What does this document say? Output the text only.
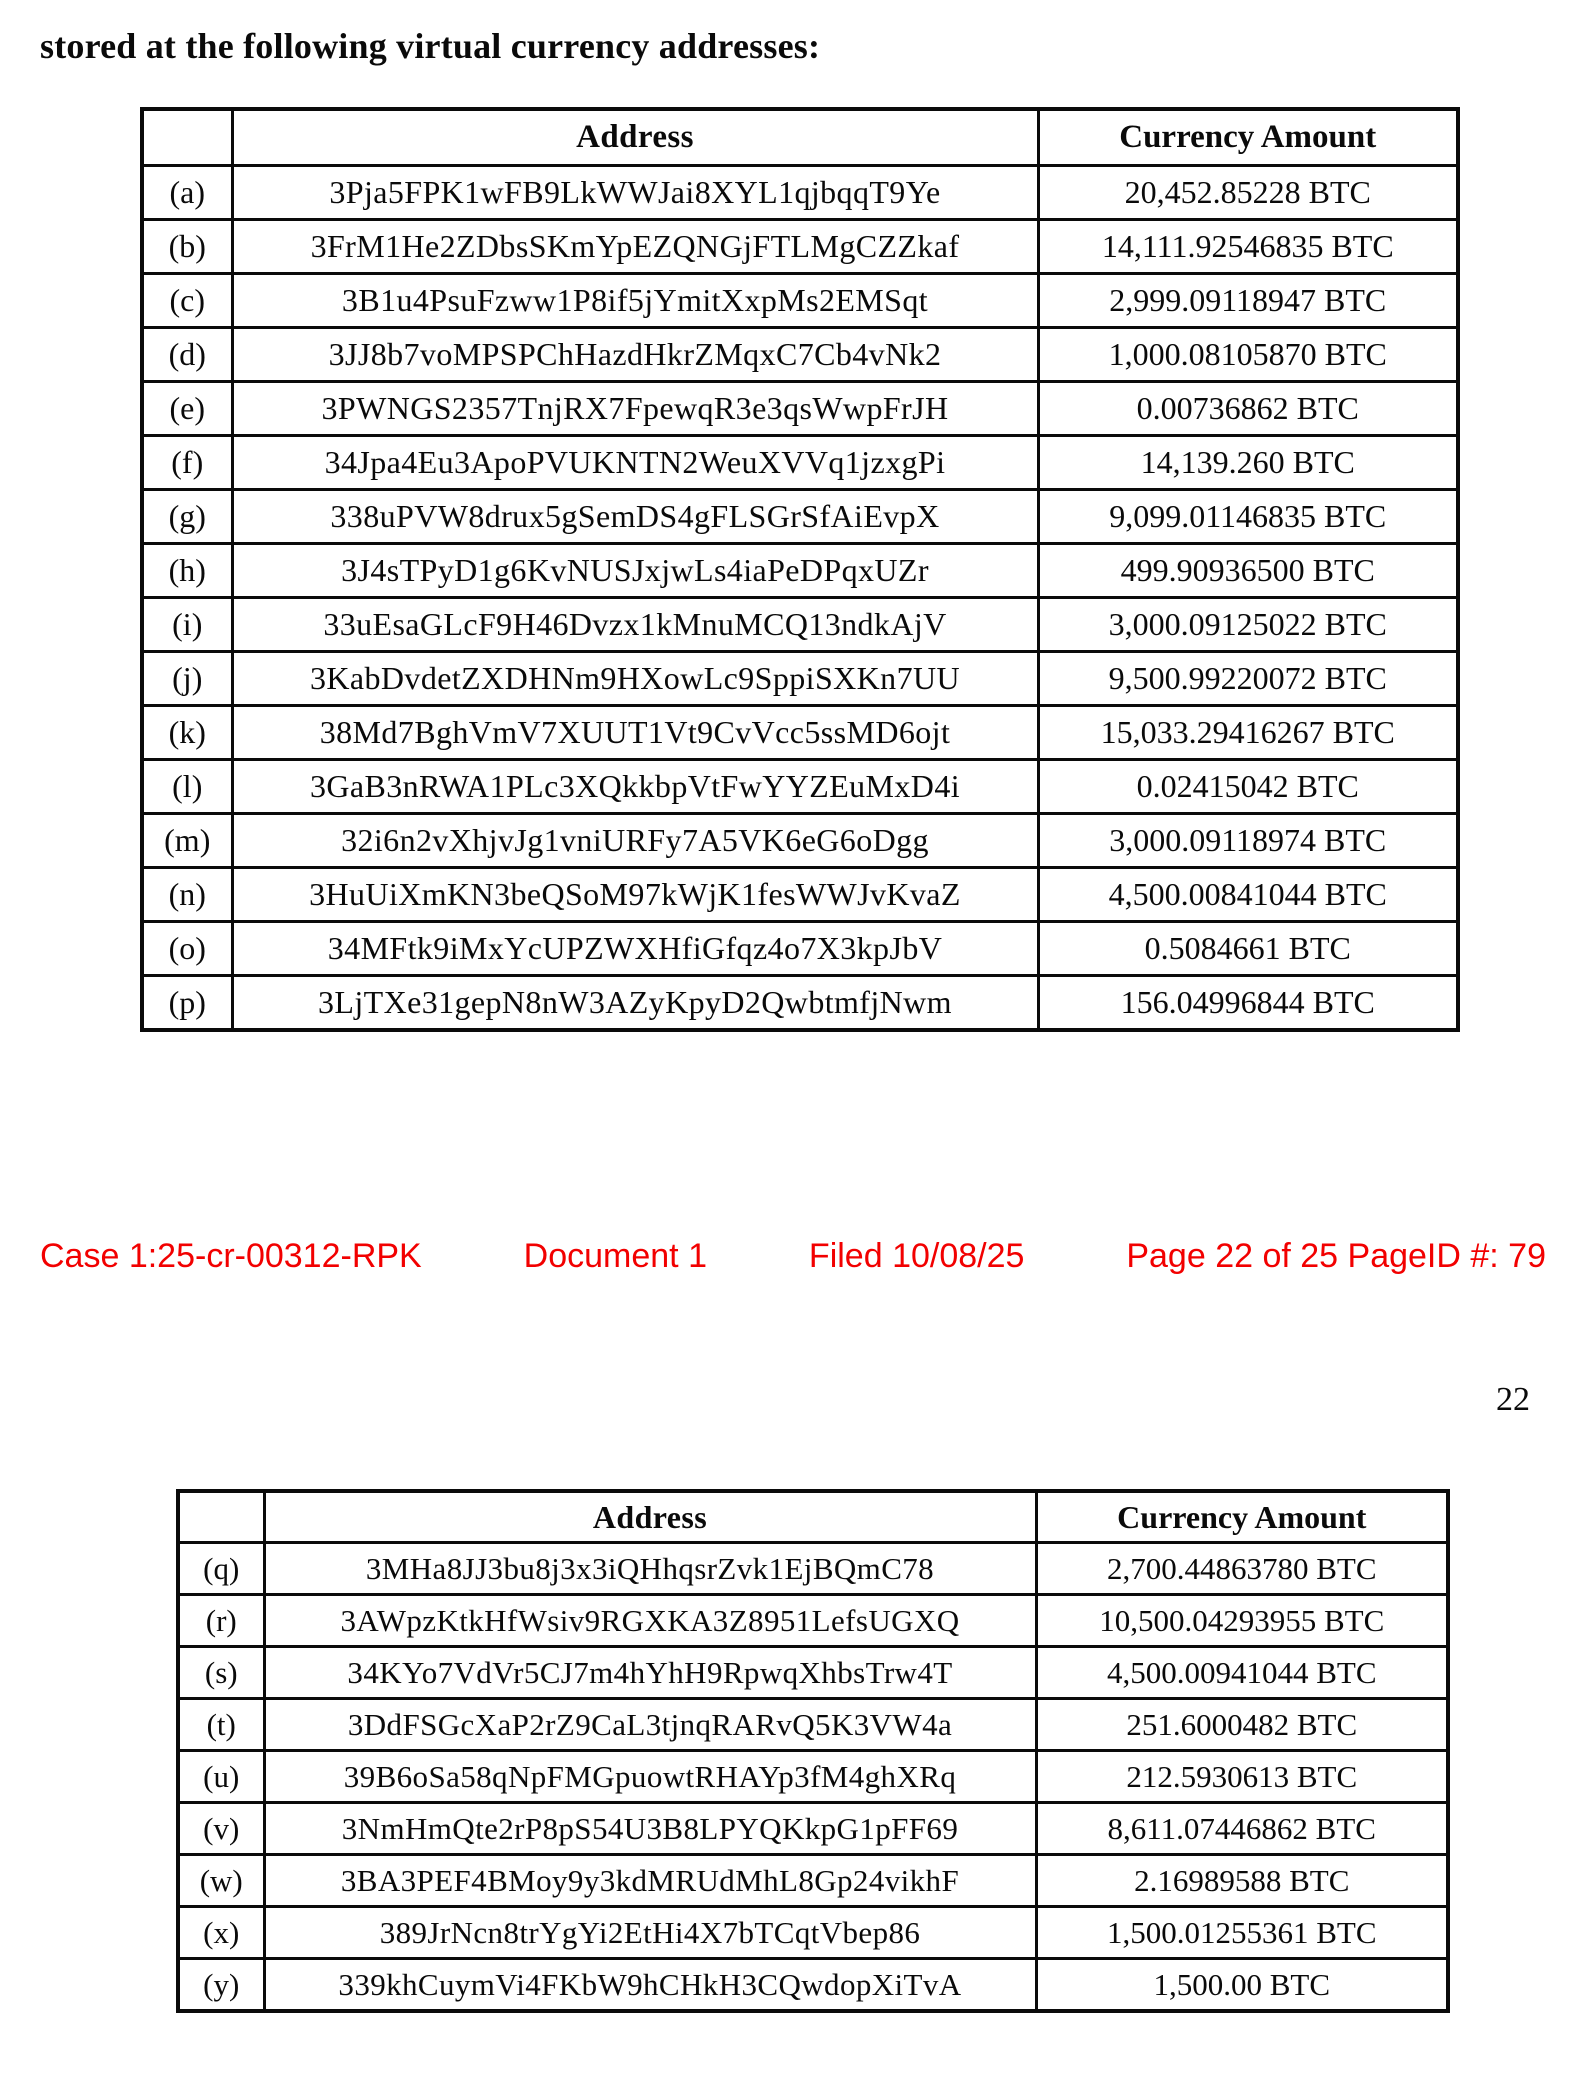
stored at the following virtual currency addresses:

	Address	Currency Amount
(a)	3Pja5FPK1wFB9LkWWJai8XYL1qjbqqT9Ye	20,452.85228 BTC
(b)	3FrM1He2ZDbsSKmYpEZQNGjFTLMgCZZkaf	14,111.92546835 BTC
(c)	3B1u4PsuFzww1P8if5jYmitXxpMs2EMSqt	2,999.09118947 BTC
(d)	3JJ8b7voMPSPChHazdHkrZMqxC7Cb4vNk2	1,000.08105870 BTC
(e)	3PWNGS2357TnjRX7FpewqR3e3qsWwpFrJH	0.00736862 BTC
(f)	34Jpa4Eu3ApoPVUKNTN2WeuXVVq1jzxgPi	14,139.260 BTC
(g)	338uPVW8drux5gSemDS4gFLSGrSfAiEvpX	9,099.01146835 BTC
(h)	3J4sTPyD1g6KvNUSJxjwLs4iaPeDPqxUZr	499.90936500 BTC
(i)	33uEsaGLcF9H46Dvzx1kMnuMCQ13ndkAjV	3,000.09125022 BTC
(j)	3KabDvdetZXDHNm9HXowLc9SppiSXKn7UU	9,500.99220072 BTC
(k)	38Md7BghVmV7XUUT1Vt9CvVcc5ssMD6ojt	15,033.29416267 BTC
(l)	3GaB3nRWA1PLc3XQkkbpVtFwYYZEuMxD4i	0.02415042 BTC
(m)	32i6n2vXhjvJg1vniURFy7A5VK6eG6oDgg	3,000.09118974 BTC
(n)	3HuUiXmKN3beQSoM97kWjK1fesWWJvKvaZ	4,500.00841044 BTC
(o)	34MFtk9iMxYcUPZWXHfiGfqz4o7X3kpJbV	0.5084661 BTC
(p)	3LjTXe31gepN8nW3AZyKpyD2QwbtmfjNwm	156.04996844 BTC
Case 1:25-cr-00312-RPK	Document 1	Filed 10/08/25	Page 22 of 25 PageID #: 79
22
	Address	Currency Amount
(q)	3MHa8JJ3bu8j3x3iQHhqsrZvk1EjBQmC78	2,700.44863780 BTC
(r)	3AWpzKtkHfWsiv9RGXKA3Z8951LefsUGXQ	10,500.04293955 BTC
(s)	34KYo7VdVr5CJ7m4hYhH9RpwqXhbsTrw4T	4,500.00941044 BTC
(t)	3DdFSGcXaP2rZ9CaL3tjnqRARvQ5K3VW4a	251.6000482 BTC
(u)	39B6oSa58qNpFMGpuowtRHAYp3fM4ghXRq	212.5930613 BTC
(v)	3NmHmQte2rP8pS54U3B8LPYQKkpG1pFF69	8,611.07446862 BTC
(w)	3BA3PEF4BMoy9y3kdMRUdMhL8Gp24vikhF	2.16989588 BTC
(x)	389JrNcn8trYgYi2EtHi4X7bTCqtVbep86	1,500.01255361 BTC
(y)	339khCuymVi4FKbW9hCHkH3CQwdopXiTvA	1,500.00 BTC
